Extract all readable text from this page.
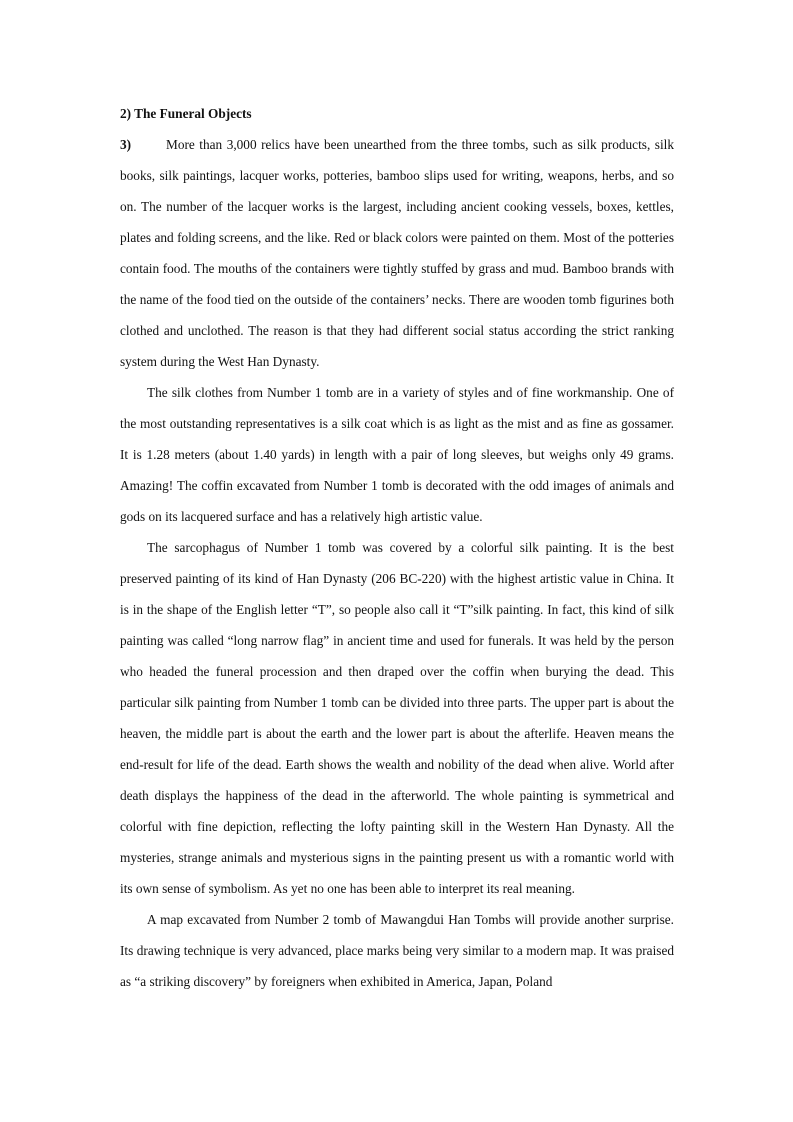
2) The Funeral Objects

3)	More than 3,000 relics have been unearthed from the three tombs, such as silk products, silk books, silk paintings, lacquer works, potteries, bamboo slips used for writing, weapons, herbs, and so on. The number of the lacquer works is the largest, including ancient cooking vessels, boxes, kettles, plates and folding screens, and the like. Red or black colors were painted on them. Most of the potteries contain food. The mouths of the containers were tightly stuffed by grass and mud. Bamboo brands with the name of the food tied on the outside of the containers’ necks. There are wooden tomb figurines both clothed and unclothed. The reason is that they had different social status according the strict ranking system during the West Han Dynasty.

The silk clothes from Number 1 tomb are in a variety of styles and of fine workmanship. One of the most outstanding representatives is a silk coat which is as light as the mist and as fine as gossamer. It is 1.28 meters (about 1.40 yards) in length with a pair of long sleeves, but weighs only 49 grams. Amazing! The coffin excavated from Number 1 tomb is decorated with the odd images of animals and gods on its lacquered surface and has a relatively high artistic value.

The sarcophagus of Number 1 tomb was covered by a colorful silk painting. It is the best preserved painting of its kind of Han Dynasty (206 BC-220) with the highest artistic value in China. It is in the shape of the English letter “T”, so people also call it “T”silk painting. In fact, this kind of silk painting was called “long narrow flag” in ancient time and used for funerals. It was held by the person who headed the funeral procession and then draped over the coffin when burying the dead. This particular silk painting from Number 1 tomb can be divided into three parts. The upper part is about the heaven, the middle part is about the earth and the lower part is about the afterlife. Heaven means the end-result for life of the dead. Earth shows the wealth and nobility of the dead when alive. World after death displays the happiness of the dead in the afterworld. The whole painting is symmetrical and colorful with fine depiction, reflecting the lofty painting skill in the Western Han Dynasty. All the mysteries, strange animals and mysterious signs in the painting present us with a romantic world with its own sense of symbolism. As yet no one has been able to interpret its real meaning.

A map excavated from Number 2 tomb of Mawangdui Han Tombs will provide another surprise. Its drawing technique is very advanced, place marks being very similar to a modern map. It was praised as “a striking discovery” by foreigners when exhibited in America, Japan, Poland
